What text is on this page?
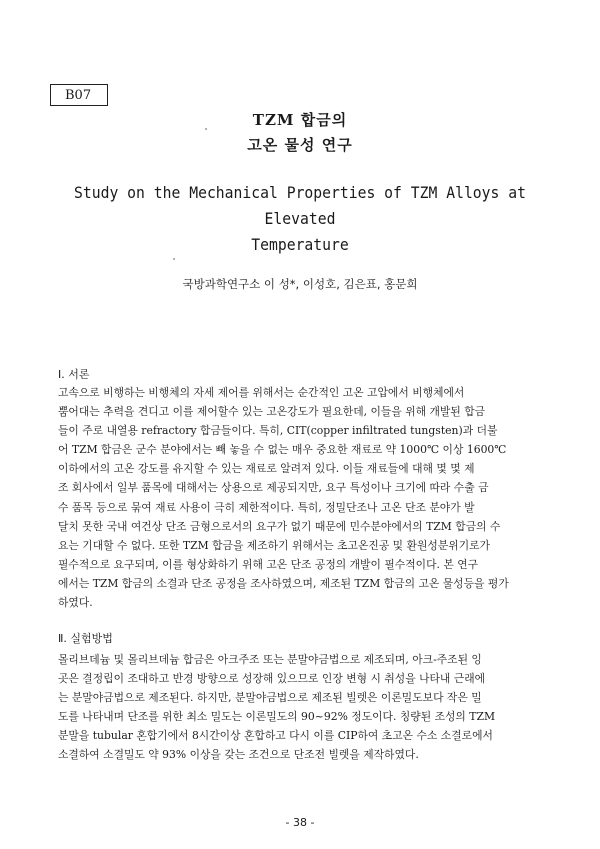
B07
TZM 합금의
고온 물성 연구
Study on the Mechanical Properties of TZM Alloys at Elevated
Temperature
국방과학연구소 이 성*, 이성호, 김은표, 홍문희
Ⅰ. 서론
고속으로 비행하는 비행체의 자세 제어를 위해서는 순간적인 고온 고압에서 비행체에서
뿜어대는 추력을 견디고 이를 제어할수 있는 고온강도가 필요한데, 이들을 위해 개발된 합금
들이 주로 내열용 refractory 합금들이다. 특히, CIT(copper infiltrated tungsten)과 더불
어 TZM 합금은 군수 분야에서는 빼 놓을 수 없는 매우 중요한 재료로 약 1000℃ 이상 1600℃
이하에서의 고온 강도를 유지할 수 있는 재료로 알려져 있다. 이들 재료들에 대해 몇 몇 제
조 회사에서 일부 품목에 대해서는 상용으로 제공되지만, 요구 특성이나 크기에 따라 수출 금
수 품목 등으로 묶여 재료 사용이 극히 제한적이다. 특히, 정밀단조나 고온 단조 분야가 발
달치 못한 국내 여건상 단조 금형으로서의 요구가 없기 때문에 민수분야에서의 TZM 합금의 수
요는 기대할 수 없다. 또한 TZM 합금을 제조하기 위해서는 초고온진공 및 환원성분위기로가
필수적으로 요구되며, 이를 형상화하기 위해 고온 단조 공정의 개발이 필수적이다. 본 연구
에서는 TZM 합금의 소결과 단조 공정을 조사하였으며, 제조된 TZM 합금의 고온 물성등을 평가
하였다.
Ⅱ. 실험방법
몰리브데늄 및 몰리브데늄 합금은 아크주조 또는 분말야금법으로 제조되며, 아크-주조된 잉
곳은 결정립이 조대하고 반경 방향으로 성장해 있으므로 인장 변형 시 취성을 나타내 근래에
는 분말야금법으로 제조된다. 하지만, 분말야금법으로 제조된 빌렛은 이론밀도보다 작은 밀
도를 나타내며 단조를 위한 최소 밀도는 이론밀도의 90~92% 정도이다. 칭량된 조성의 TZM
분말을 tubular 혼합기에서 8시간이상 혼합하고 다시 이를 CIP하여 초고온 수소 소결로에서
소결하여 소결밀도 약 93% 이상을 갖는 조건으로 단조전 빌렛을 제작하였다.
- 38 -
